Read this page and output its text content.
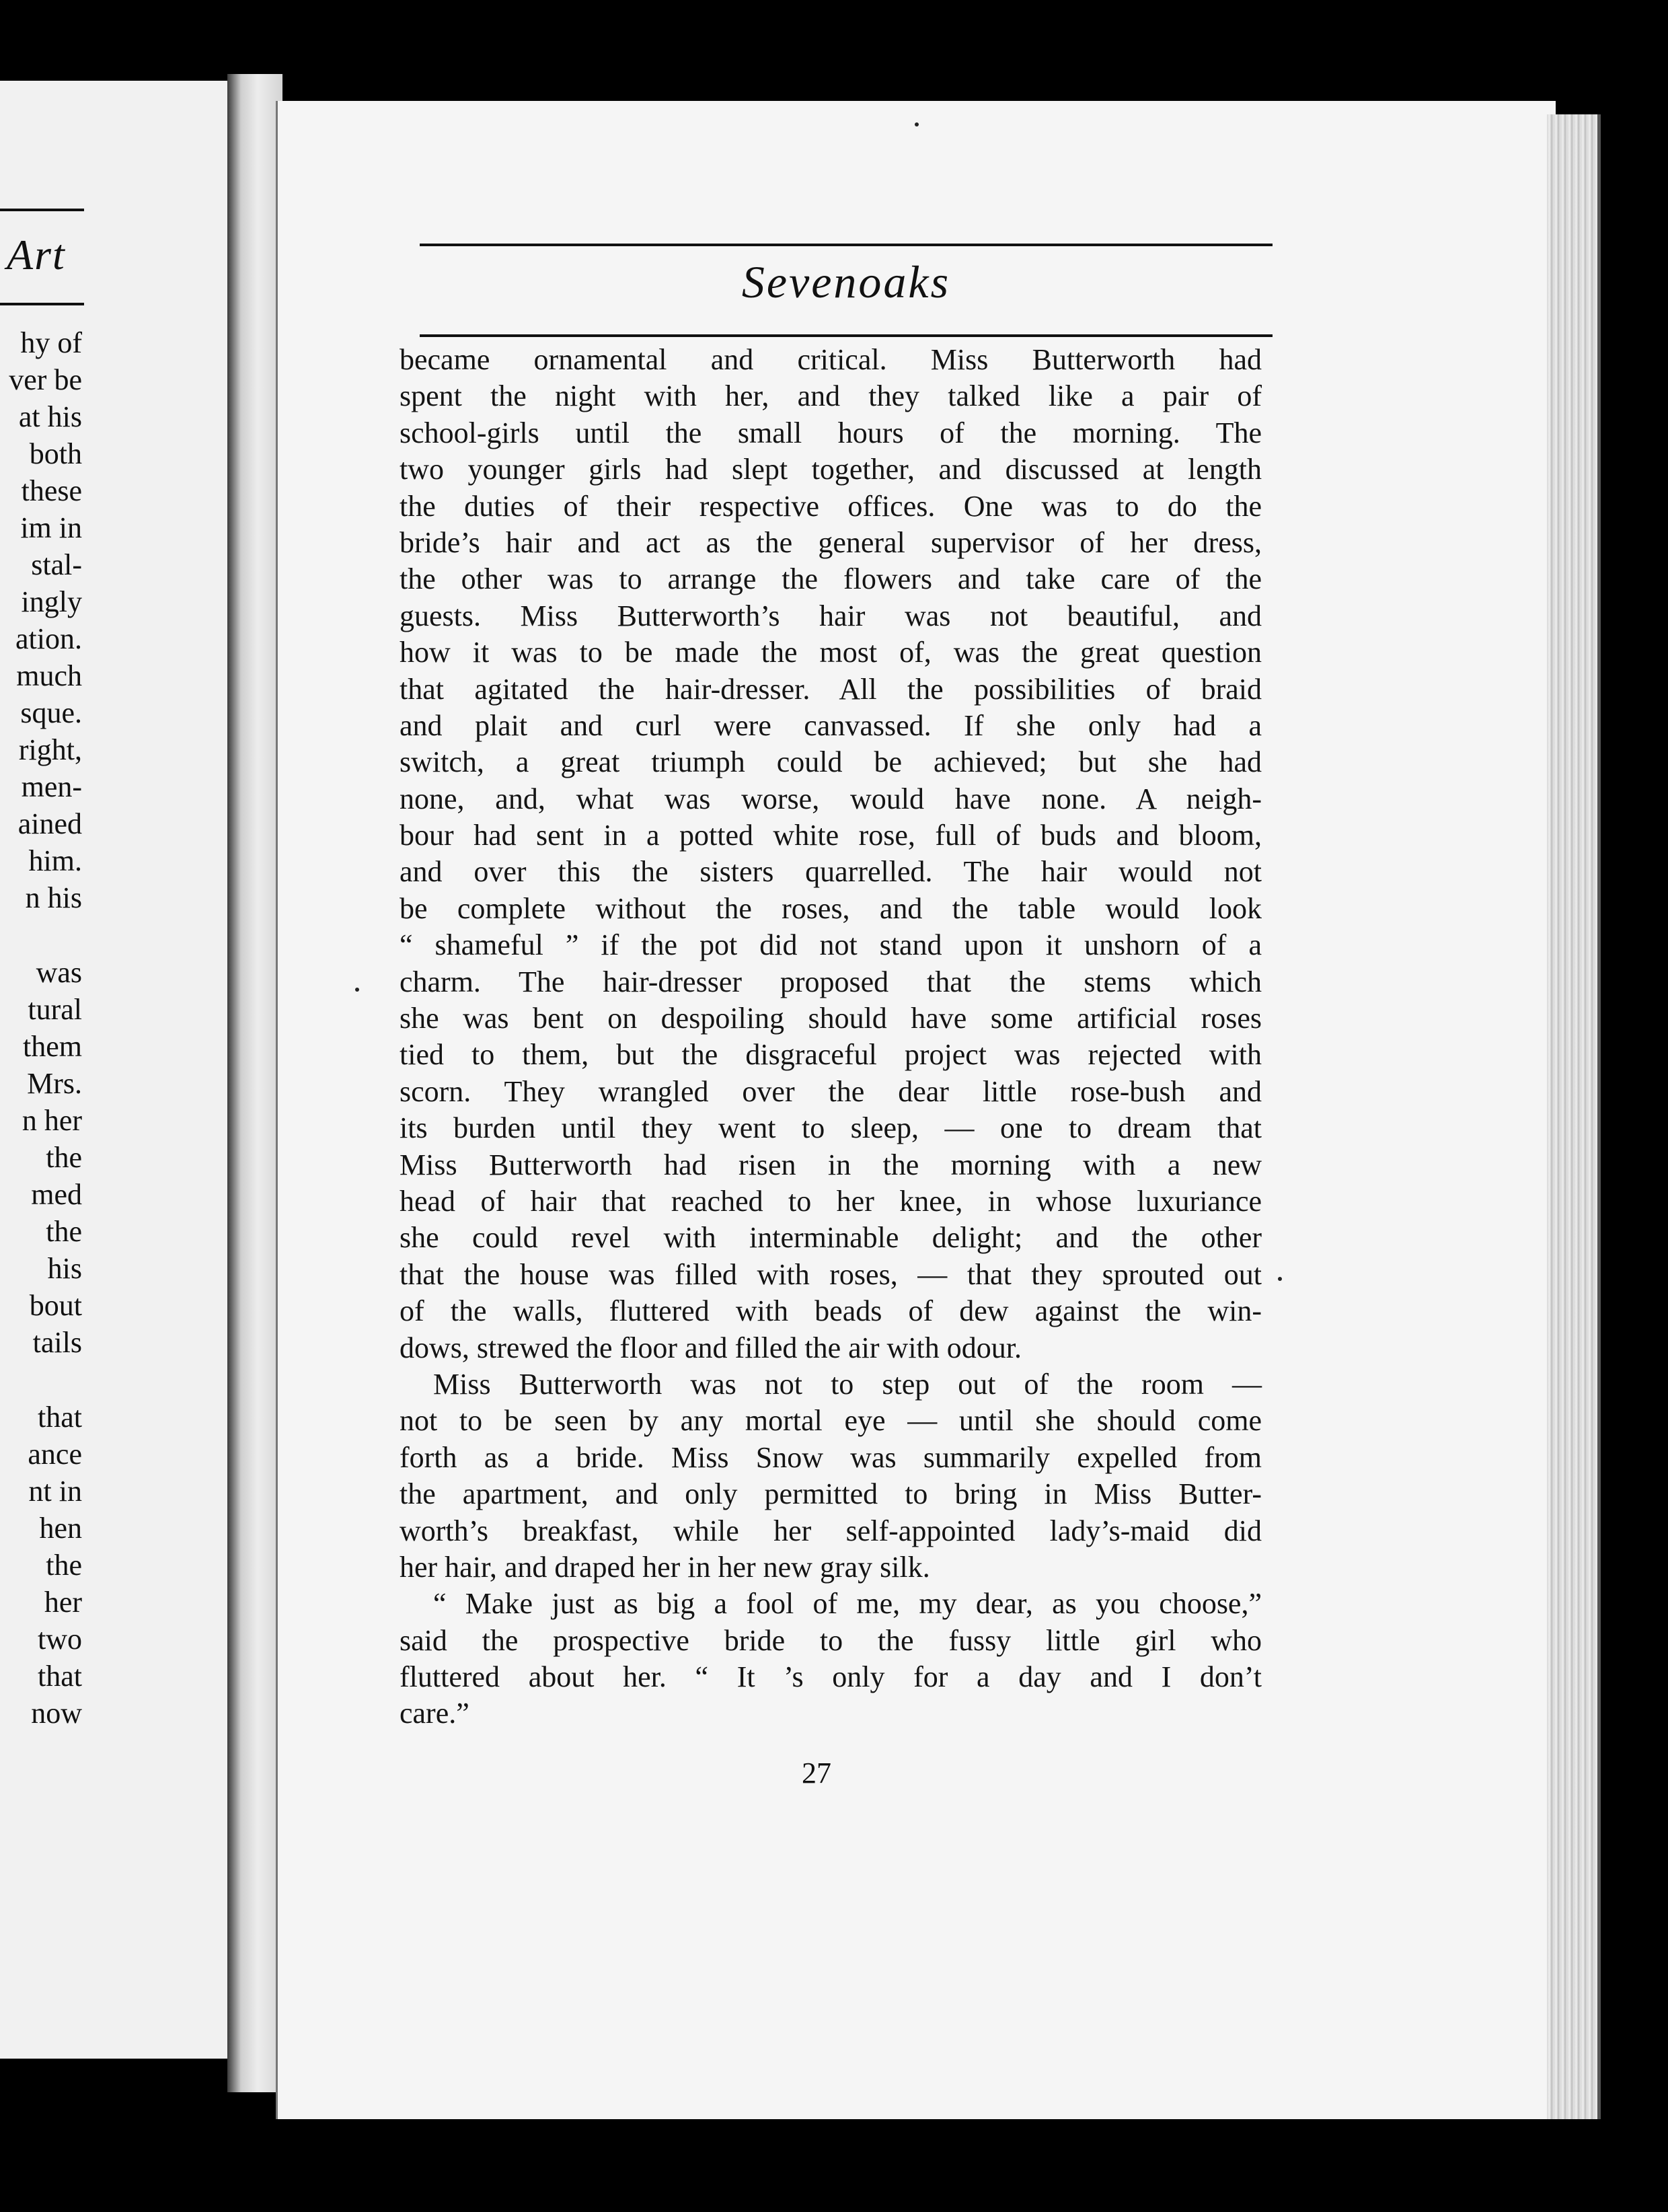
Art
hy of
ver be
at his
both
these
im in
stal-
ingly
ation.
much
sque.
right,
men-
ained
him.
n his
was
tural
them
Mrs.
n her
the
med
the
his
bout
tails
that
ance
nt in
hen
the
her
two
that
now
Sevenoaks
became ornamental and critical. Miss Butterworth had
spent the night with her, and they talked like a pair of
school-girls until the small hours of the morning. The
two younger girls had slept together, and discussed at length
the duties of their respective offices. One was to do the
bride’s hair and act as the general supervisor of her dress,
the other was to arrange the flowers and take care of the
guests. Miss Butterworth’s hair was not beautiful, and
how it was to be made the most of, was the great question
that agitated the hair-dresser. All the possibilities of braid
and plait and curl were canvassed. If she only had a
switch, a great triumph could be achieved; but she had
none, and, what was worse, would have none. A neigh-
bour had sent in a potted white rose, full of buds and bloom,
and over this the sisters quarrelled. The hair would not
be complete without the roses, and the table would look
“ shameful ” if the pot did not stand upon it unshorn of a
charm. The hair-dresser proposed that the stems which
she was bent on despoiling should have some artificial roses
tied to them, but the disgraceful project was rejected with
scorn. They wrangled over the dear little rose-bush and
its burden until they went to sleep, — one to dream that
Miss Butterworth had risen in the morning with a new
head of hair that reached to her knee, in whose luxuriance
she could revel with interminable delight; and the other
that the house was filled with roses, — that they sprouted out
of the walls, fluttered with beads of dew against the win-
dows, strewed the floor and filled the air with odour.
Miss Butterworth was not to step out of the room —
not to be seen by any mortal eye — until she should come
forth as a bride. Miss Snow was summarily expelled from
the apartment, and only permitted to bring in Miss Butter-
worth’s breakfast, while her self-appointed lady’s-maid did
her hair, and draped her in her new gray silk.
“ Make just as big a fool of me, my dear, as you choose,”
said the prospective bride to the fussy little girl who
fluttered about her. “ It ’s only for a day and I don’t
care.”
27
